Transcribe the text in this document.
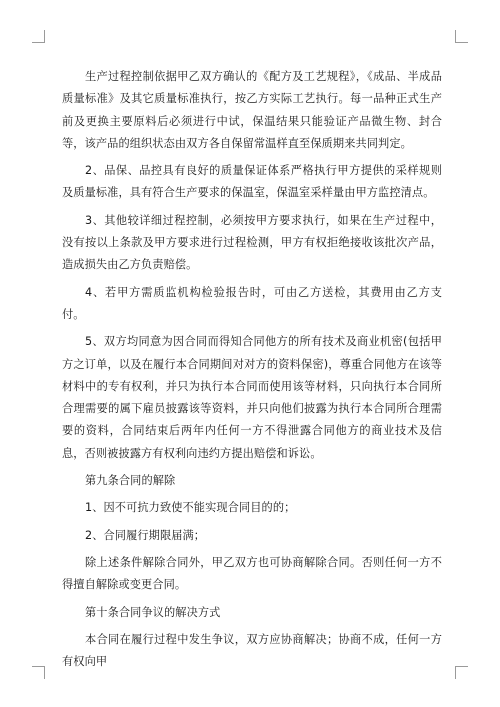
生产过程控制依据甲乙双方确认的《配方及工艺规程》，《成品、半成品质量标准》及其它质量标准执行，按乙方实际工艺执行。每一品种正式生产前及更换主要原料后必须进行中试，保温结果只能验证产品微生物、封合等，该产品的组织状态由双方各自保留常温样直至保质期来共同判定。

2、品保、品控具有良好的质量保证体系严格执行甲方提供的采样规则及质量标准，具有符合生产要求的保温室，保温室采样量由甲方监控清点。

3、其他较详细过程控制，必须按甲方要求执行，如果在生产过程中，没有按以上条款及甲方要求进行过程检测，甲方有权拒绝接收该批次产品，造成损失由乙方负责赔偿。

4、若甲方需质监机构检验报告时，可由乙方送检，其费用由乙方支付。

5、双方均同意为因合同而得知合同他方的所有技术及商业机密(包括甲方之订单，以及在履行本合同期间对对方的资料保密)，尊重合同他方在该等材料中的专有权利，并只为执行本合同而使用该等材料，只向执行本合同所合理需要的属下雇员披露该等资料，并只向他们披露为执行本合同所合理需要的资料，合同结束后两年内任何一方不得泄露合同他方的商业技术及信息，否则被披露方有权利向违约方提出赔偿和诉讼。

第九条合同的解除

1、因不可抗力致使不能实现合同目的的；

2、合同履行期限届满；

除上述条件解除合同外，甲乙双方也可协商解除合同。否则任何一方不得擅自解除或变更合同。

第十条合同争议的解决方式

本合同在履行过程中发生争议，双方应协商解决；协商不成，任何一方有权向甲
